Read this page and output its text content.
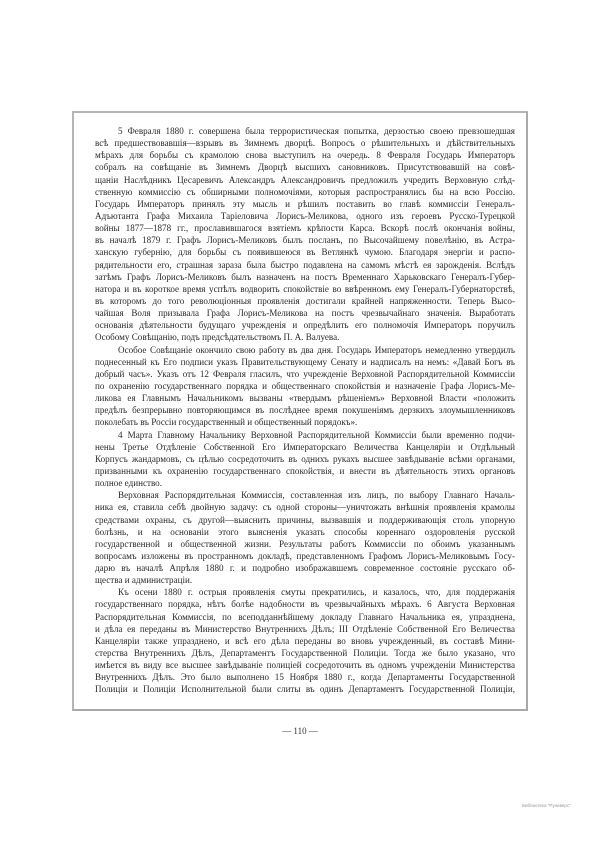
5 Февраля 1880 г. совершена была террористическая попытка, дерзостью своею превзошедшая
всѣ предшествовавшія—взрывъ въ Зимнемъ дворцѣ. Вопросъ о рѣшительныхъ и дѣйствительныхъ
мѣрахъ для борьбы съ крамолою снова выступилъ на очередь. 8 Февраля Государь Императоръ
собралъ на совѣщаніе въ Зимнемъ Дворцѣ высшихъ сановниковъ. Присутствовавшій на совѣ-
щаніи Наслѣдникъ Цесаревичъ Александръ Александровичъ предложилъ учредить Верховную слѣд-
ственную коммиссію съ обширными полномочіями, которыя распространялись бы на всю Россію.
Государь Императоръ принялъ эту мысль и рѣшилъ поставить во главѣ коммиссіи Генералъ-
Адъютанта Графа Михаила Таріеловича Лорисъ-Меликова, одного изъ героевъ Русско-Турецкой
войны 1877—1878 гг., прославившагося взятіемъ крѣпости Карса. Вскорѣ послѣ окончанія войны,
въ началѣ 1879 г. Графъ Лорисъ-Меликовъ былъ посланъ, по Высочайшему повелѣнію, въ Астра-
ханскую губернію, для борьбы съ появившеюся въ Ветлянкѣ чумою. Благодаря энергіи и распо-
рядительности его, страшная зараза была быстро подавлена на самомъ мѣстѣ ея зарожденія. Вслѣдъ
затѣмъ Графъ Лорисъ-Меликовъ былъ назначенъ на постъ Временнаго Харьковскаго Генералъ-Губер-
натора и въ короткое время успѣлъ водворить спокойствіе во ввѣренномъ ему Генералъ-Губернаторствѣ,
въ которомъ до того революціонныя проявленія достигали крайней напряженности. Теперь Высо-
чайшая Воля призывала Графа Лорисъ-Меликова на постъ чрезвычайнаго значенія. Выработать
основанія дѣятельности будущаго учрежденія и опредѣлить его полномочія Императоръ поручилъ
Особому Совѣщанію, подъ предсѣдательствомъ П. А. Валуева.
Особое Совѣщаніе окончило свою работу въ два дня. Государь Императоръ немедленно утвердилъ
поднесенный къ Его подписи указъ Правительствующему Сенату и надписалъ на немъ: «Давай Богъ въ
добрый часъ». Указъ отъ 12 Февраля гласилъ, что учрежденіе Верховной Распорядительной Коммиссіи
по охраненію государственнаго порядка и общественнаго спокойствія и назначеніе Графа Лорисъ-Ме-
ликова ея Главнымъ Начальникомъ вызваны «твердымъ рѣшеніемъ» Верховной Власти «положить
предѣлъ безпрерывно повторяющимся въ послѣднее время покушеніямъ дерзкихъ злоумышленниковъ
поколебать въ Россіи государственный и общественный порядокъ».
4 Марта Главному Начальнику Верховной Распорядительной Коммиссіи были временно подчи-
нены Третье Отдѣленіе Собственной Его Императорскаго Величества Канцеляріи и Отдѣльный
Корпусъ жандармовъ, съ цѣлью сосредоточить въ однихъ рукахъ высшее завѣдываніе всѣми органами,
призванными къ охраненію государственнаго спокойствія, и внести въ дѣятельность этихъ органовъ
полное единство.
Верховная Распорядительная Коммиссія, составленная изъ лицъ, по выбору Главнаго Началь-
ника ея, ставила себѣ двойную задачу: съ одной стороны—уничтожать внѣшнія проявленія крамолы
средствами охраны, съ другой—выяснить причины, вызвавшія и поддерживающія столь упорную
болѣзнь, и на основаніи этого выясненія указать способы кореннаго оздоровленія русской
государственной и общественной жизни. Результаты работъ Коммиссіи по обоимъ указаннымъ
вопросамъ изложены въ пространномъ докладѣ, представленномъ Графомъ Лорисъ-Меликовымъ Госу-
дарю въ началѣ Апрѣля 1880 г. и подробно изображавшемъ современное состояніе русскаго об-
щества и администраціи.
Къ осени 1880 г. острыя проявленія смуты прекратились, и казалось, что, для поддержанія
государственнаго порядка, нѣтъ болѣе надобности въ чрезвычайныхъ мѣрахъ. 6 Августа Верховная
Распорядительная Коммиссія, по всеподданнѣйшему докладу Главнаго Начальника ея, упразднена,
и дѣла ея переданы въ Министерство Внутреннихъ Дѣлъ; III Отдѣленіе Собственной Его Величества
Канцеляріи также упразднено, и всѣ его дѣла переданы во вновь учрежденный, въ составѣ Мини-
стерства Внутреннихъ Дѣлъ, Департаментъ Государственной Полиціи. Тогда же было указано, что
имѣется въ виду все высшее завѣдываніе полиціей сосредоточить въ одномъ учрежденіи Министерства
Внутреннихъ Дѣлъ. Это было выполнено 15 Ноября 1880 г., когда Департаменты Государственной
Полиціи и Полиціи Исполнительной были слиты въ одинъ Департаментъ Государственной Полиціи,
— 110 —
Библиотека "Руниверс"
